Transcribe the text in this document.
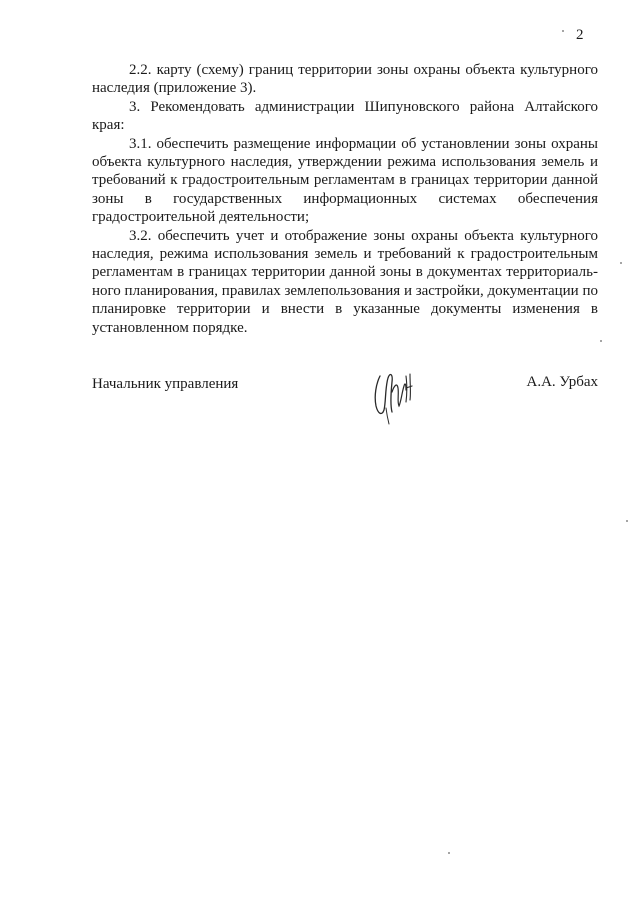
2
2.2. карту (схему) границ территории зоны охраны объекта культурного
наследия (приложение 3).
3. Рекомендовать администрации Шипуновского района Алтайского
края:
3.1. обеспечить размещение информации об установлении зоны охраны
объекта культурного наследия, утверждении режима использования земель и
требований к градостроительным регламентам в границах территории данной
зоны в государственных информационных системах обеспечения
градостроительной деятельности;
3.2. обеспечить учет и отображение зоны охраны объекта культурного
наследия, режима использования земель и требований к градостроительным
регламентам в границах территории данной зоны в документах территориаль-
ного планирования, правилах землепользования и застройки, документации по
планировке территории и внести в указанные документы изменения в
установленном порядке.
Начальник управления	А.А. Урбах
